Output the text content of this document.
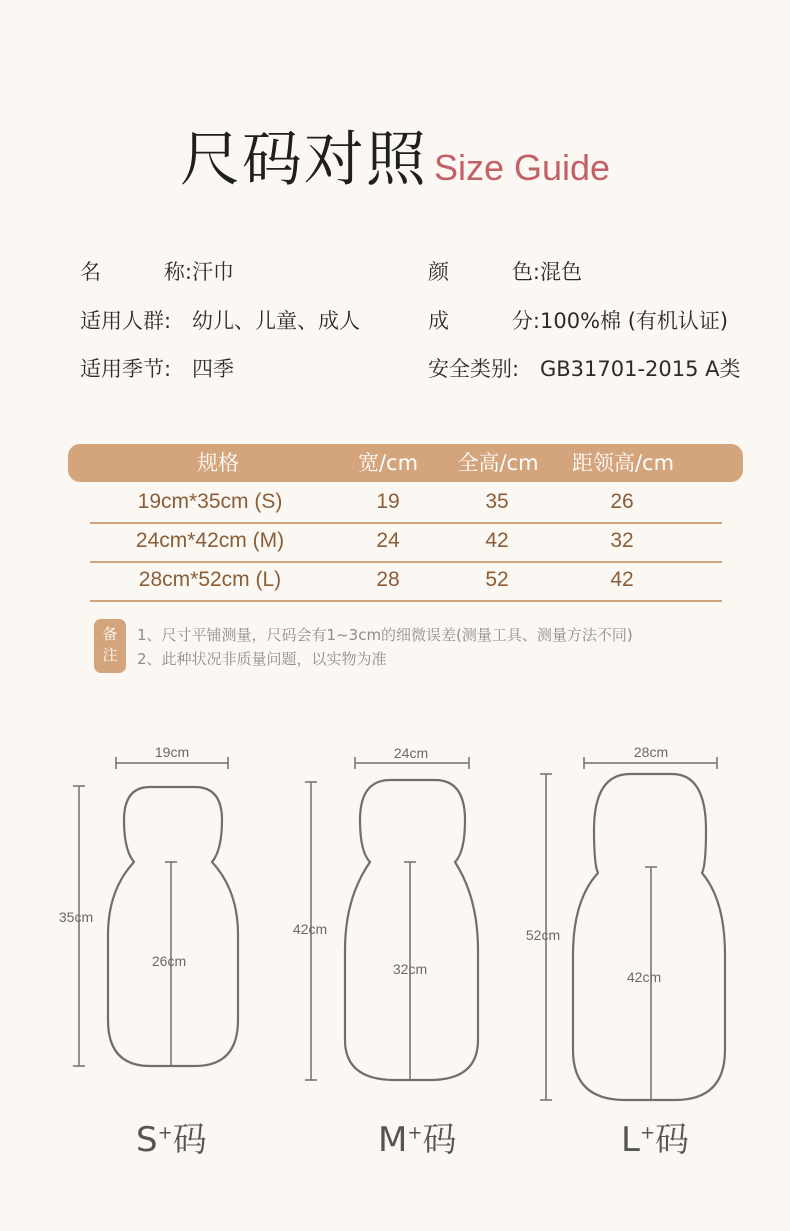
尺码对照 Size Guide
名	称: 汗巾	颜	色: 混色
适用人群: 幼儿、儿童、成人	成	分: 100%棉 (有机认证)
适用季节: 四季	安全类别: GB31701-2015 A类
规格	宽/cm	全高/cm	距领高/cm
19cm*35cm (S)	19	35	26
24cm*42cm (M)	24	42	32
28cm*52cm (L)	28	52	42
备
注
1、尺寸平铺测量，尺码会有1~3cm的细微误差(测量工具、测量方法不同)
2、此种状况非质量问题，以实物为准
19cm
35cm
26cm
24cm
42cm
32cm
28cm
52cm
42cm
S+码	M+码	L+码
